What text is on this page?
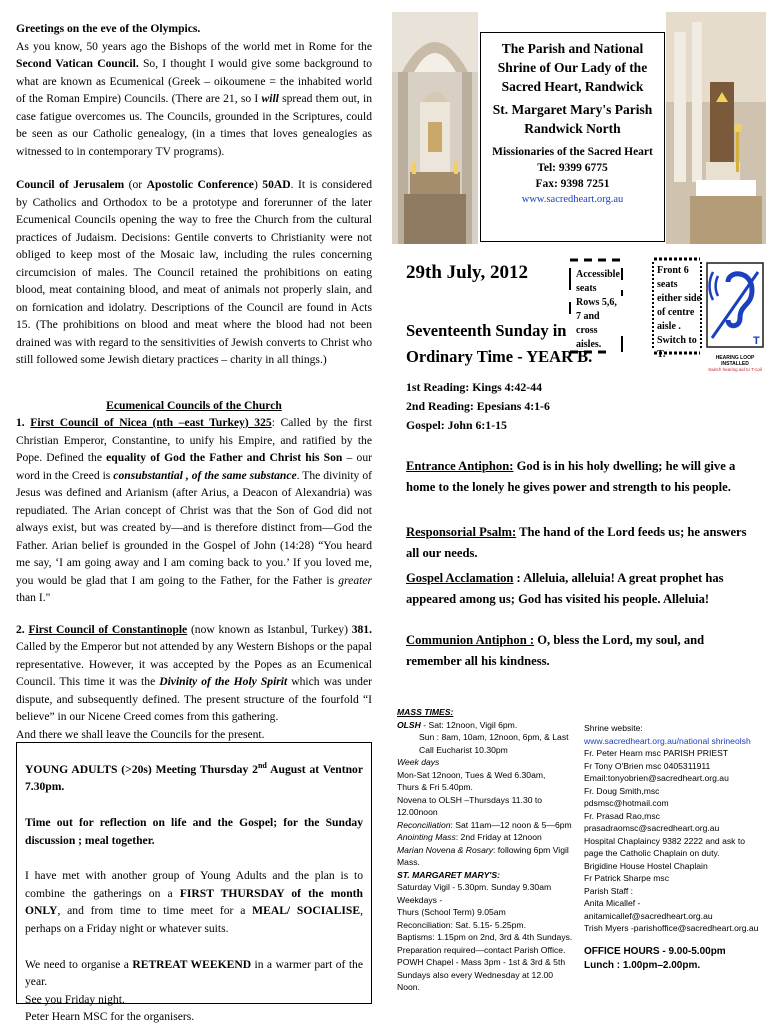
Greetings on the eve of the Olympics.

As you know, 50 years ago the Bishops of the world met in Rome for the Second Vatican Council. So, I thought I would give some background to what are known as Ecumenical (Greek – oikoumene = the inhabited world of the Roman Empire) Councils. (There are 21, so I will spread them out, in case fatigue overcomes us. The Councils, grounded in the Scriptures, could be seen as our Catholic genealogy, (in a times that loves genealogies as witnessed to in contemporary TV programs).

Council of Jerusalem (or Apostolic Conference) 50AD. It is considered by Catholics and Orthodox to be a prototype and forerunner of the later Ecumenical Councils opening the way to free the Church from the cultural practices of Judaism. Decisions: Gentile converts to Christianity were not obliged to keep most of the Mosaic law, including the rules concerning circumcision of males. The Council retained the prohibitions on eating blood, meat containing blood, and meat of animals not properly slain, and on fornication and idolatry. Descriptions of the Council are found in Acts 15. (The prohibitions on blood and meat where the blood had not been drained was with regard to the sensitivities of Jewish converts to Christ who still followed some Jewish dietary practices – charity in all things.)

Ecumenical Councils of the Church

1. First Council of Nicea (nth –east Turkey) 325: Called by the first Christian Emperor, Constantine, to unify his Empire, and ratified by the Pope. Defined the equality of God the Father and Christ his Son – our word in the Creed is consubstantial , of the same substance. The divinity of Jesus was defined and Arianism (after Arius, a Deacon of Alexandria) was repudiated. The Arian concept of Christ was that the Son of God did not always exist, but was created by—and is therefore distinct from—God the Father. Arian belief is grounded in the Gospel of John (14:28) “You heard me say, ‘I am going away and I am coming back to you.’ If you loved me, you would be glad that I am going to the Father, for the Father is greater than I."

2. First Council of Constantinople (now known as Istanbul, Turkey) 381. Called by the Emperor but not attended by any Western Bishops or the papal representative. However, it was accepted by the Popes as an Ecumenical Council. This time it was the Divinity of the Holy Spirit which was under dispute, and subsequently defined. The present structure of the fourfold “I believe” in our Nicene Creed comes from this gathering.

And there we shall leave the Councils for the present.

YOUNG ADULTS (>20s) Meeting Thursday 2nd August at Ventnor 7.30pm.

Time out for reflection on life and the Gospel; for the Sunday discussion ; meal together.

I have met with another group of Young Adults and the plan is to combine the gatherings on a FIRST THURSDAY of the month ONLY, and from time to time meet for a MEAL/ SOCIALISE, perhaps on a Friday night or whatever suits.

We need to organise a RETREAT WEEKEND in a warmer part of the year.

See you Friday night.

Peter Hearn MSC for the organisers.

The Parish and National Shrine of Our Lady of the Sacred Heart, Randwick
St. Margaret Mary's Parish Randwick North
Missionaries of the Sacred Heart
Tel: 9399 6775
Fax: 9398 7251
www.sacredheart.org.au
29th July, 2012
Seventeenth Sunday in
Ordinary Time - YEAR B.
1st Reading: Kings 4:42-44
2nd Reading: Epesians 4:1-6
Gospel: John 6:1-15
Accessible seats Rows 5,6, 7 and cross aisles.
Front 6 seats either side of centre aisle . Switch to T.
T
HEARING LOOP INSTALLED
Switch hearing aid to T-coil
Entrance Antiphon: God is in his holy dwelling; he will give a home to the lonely he gives power and strength to his people.
Responsorial Psalm: The hand of the Lord feeds us; he answers all our needs.
Gospel Acclamation : Alleluia, alleluia! A great prophet has appeared among us; God has visited his people. Alleluia!
Communion Antiphon : O, bless the Lord, my soul, and remember all his kindness.
MASS TIMES:
OLSH - Sat: 12noon, Vigil 6pm.
Sun : 8am, 10am, 12noon, 6pm, & Last Call Eucharist 10.30pm
Week days
Mon-Sat 12noon, Tues & Wed 6.30am,
Thurs & Fri 5.40pm.
Novena to OLSH –Thursdays 11.30 to 12.00noon
Reconciliation: Sat 11am—12 noon & 5—6pm
Anointing Mass: 2nd Friday at 12noon
Marian Novena & Rosary: following 6pm Vigil Mass.
ST. MARGARET MARY'S:
Saturday Vigil - 5.30pm. Sunday 9.30am
Weekdays -
Thurs (School Term) 9.05am
Reconciliation: Sat. 5.15- 5.25pm.
Baptisms: 1.15pm on 2nd, 3rd & 4th Sundays.
Preparation required—contact Parish Office.
POWH Chapel - Mass 3pm - 1st & 3rd & 5th
Sundays also every Wednesday at 12.00 Noon.
Shrine website: www.sacredheart.org.au/national shrineolsh
Fr. Peter Hearn msc PARISH PRIEST
Fr Tony O'Brien msc 0405311911
Email:tonyobrien@sacredheart.org.au
Fr. Doug Smith,msc
pdsmsc@hotmail.com
Fr. Prasad Rao,msc
prasadraomsc@sacredheart.org.au
Hospital Chaplaincy 9382 2222 and ask to page the Catholic Chaplain on duty.
Brigidine House Hostel Chaplain
Fr Patrick Sharpe msc
Parish Staff :
Anita Micallef -anitamicallef@sacredheart.org.au
Trish Myers -parishoffice@sacredheart.org.au
OFFICE HOURS - 9.00-5.00pm
Lunch : 1.00pm–2.00pm.
